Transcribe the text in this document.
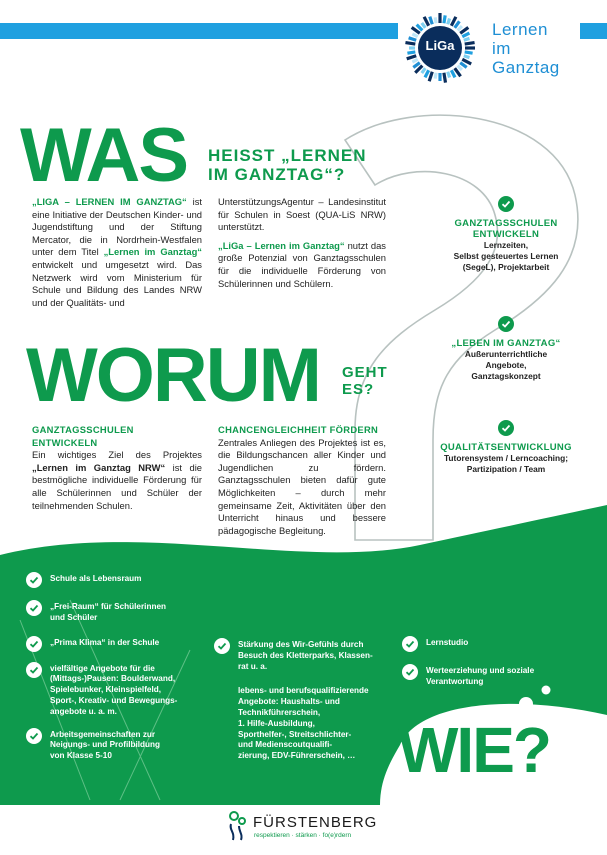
LiGa
Lernen
im
Ganztag
WAS HEISST „LERNEN
IM GANZTAG“?
„LIGA – LERNEN IM GANZTAG“ ist eine Initiative der Deutschen Kinder- und Jugendstiftung und der Stiftung Mercator, die in Nordrhein-Westfalen unter dem Titel „Lernen im Ganztag“ entwickelt und umgesetzt wird. Das Netzwerk wird vom Ministerium für Schule und Bildung des Landes NRW und der Qualitäts- und
UnterstützungsAgentur – Landesinstitut für Schulen in Soest (QUA-LiS NRW) unterstützt.
„LiGa – Lernen im Ganztag“ nutzt das große Potenzial von Ganztagsschulen für die individuelle Förderung von Schülerinnen und Schülern.
WORUM GEHT
ES?
GANZTAGSSCHULEN ENTWICKELN
Ein wichtiges Ziel des Projektes „Lernen im Ganztag NRW“ ist die bestmögliche individuelle Förderung für alle Schülerinnen und Schüler der teilnehmenden Schulen.
CHANCENGLEICHHEIT FÖRDERN
Zentrales Anliegen des Projektes ist es, die Bildungschancen aller Kinder und Jugendlichen zu fördern. Ganztagsschulen bieten dafür gute Möglichkeiten – durch mehr gemeinsame Zeit, Aktivitäten über den Unterricht hinaus und bessere pädagogische Begleitung.
GANZTAGSSCHULEN
ENTWICKELN
Lernzeiten,
Selbst gesteuertes Lernen
(SegeL), Projektarbeit
„LEBEN IM GANZTAG“
Außerunterrichtliche
Angebote,
Ganztagskonzept
QUALITÄTSENTWICKLUNG
Tutorensystem / Lerncoaching;
Partizipation / Team
Schule als Lebensraum
„Frei-Raum“ für Schülerinnen
und Schüler
„Prima Klima“ in der Schule
vielfältige Angebote für die
(Mittags-)Pausen: Boulderwand,
Spielebunker, Kleinspielfeld,
Sport-, Kreativ- und Bewegungs-
angebote u. a. m.
Arbeitsgemeinschaften zur
Neigungs- und Profilbildung
von Klasse 5-10
Stärkung des Wir-Gefühls durch
Besuch des Kletterparks, Klassen-
rat u. a.
lebens- und berufsqualifizierende
Angebote: Haushalts- und
Technikführerschein,
1. Hilfe-Ausbildung,
Sporthelfer-, Streitschlichter-
und Medienscoutqualifi-
zierung, EDV-Führerschein, …
Lernstudio
Werteerziehung und soziale
Verantwortung
WIE?
FÜRSTENBERG
respektieren · stärken · fo(e)rdern
